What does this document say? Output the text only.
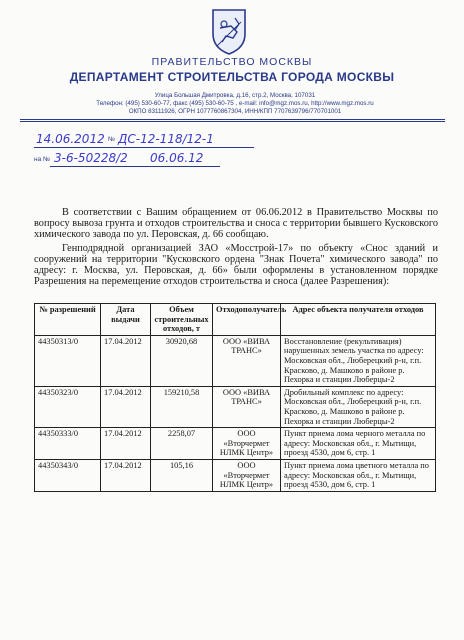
ПРАВИТЕЛЬСТВО МОСКВЫ
ДЕПАРТАМЕНТ СТРОИТЕЛЬСТВА ГОРОДА МОСКВЫ
Улица Большая Дмитровка, д.16, стр.2, Москва, 107031
Телефон: (495) 530-60-77, факс (495) 530-60-75 , e-mail: info@mgz.mos.ru, http://www.mgz.mos.ru
ОКПО 83111926, ОГРН 1077760867304, ИНН/КПП 7707639796/770701001
14.06.2012 № ДС-12-118/12-1
на № 3-6-50228/2 06.06.12

В соответствии с Вашим обращением от 06.06.2012 в Правительство Москвы по вопросу вывоза грунта и отходов строительства и сноса с территории бывшего Кусковского химического завода по ул. Перовская, д. 66 сообщаю.

Генподрядной организацией ЗАО «Мосстрой-17» по объекту «Снос зданий и сооружений на территории "Кусковского ордена "Знак Почета" химического завода" по адресу: г. Москва, ул. Перовская, д. 66» были оформлены в установленном порядке Разрешения на перемещение отходов строительства и сноса (далее Разрешения):

№ разрешений	Дата выдачи	Объем строительных отходов, т	Отходополучатель	Адрес объекта получателя отходов
44350313/0	17.04.2012	30920,68	ООО «ВИВА ТРАНС»	Восстановление (рекультивация) нарушенных земель участка по адресу: Московская обл., Люберецкий р-н, г.п. Красково, д. Машково в районе р. Пехорка и станции Люберцы-2
44350323/0	17.04.2012	159210,58	ООО «ВИВА ТРАНС»	Дробильный комплекс по адресу: Московская обл., Люберецкий р-н, г.п. Красково, д. Машково в районе р. Пехорка и станции Люберцы-2
44350333/0	17.04.2012	2258,07	ООО «Вторчермет НЛМК Центр»	Пункт приема лома черного металла по адресу: Московская обл., г. Мытищи, проезд 4530, дом 6, стр. 1
44350343/0	17.04.2012	105,16	ООО «Вторчермет НЛМК Центр»	Пункт приема лома цветного металла по адресу: Московская обл., г. Мытищи, проезд 4530, дом 6, стр. 1
